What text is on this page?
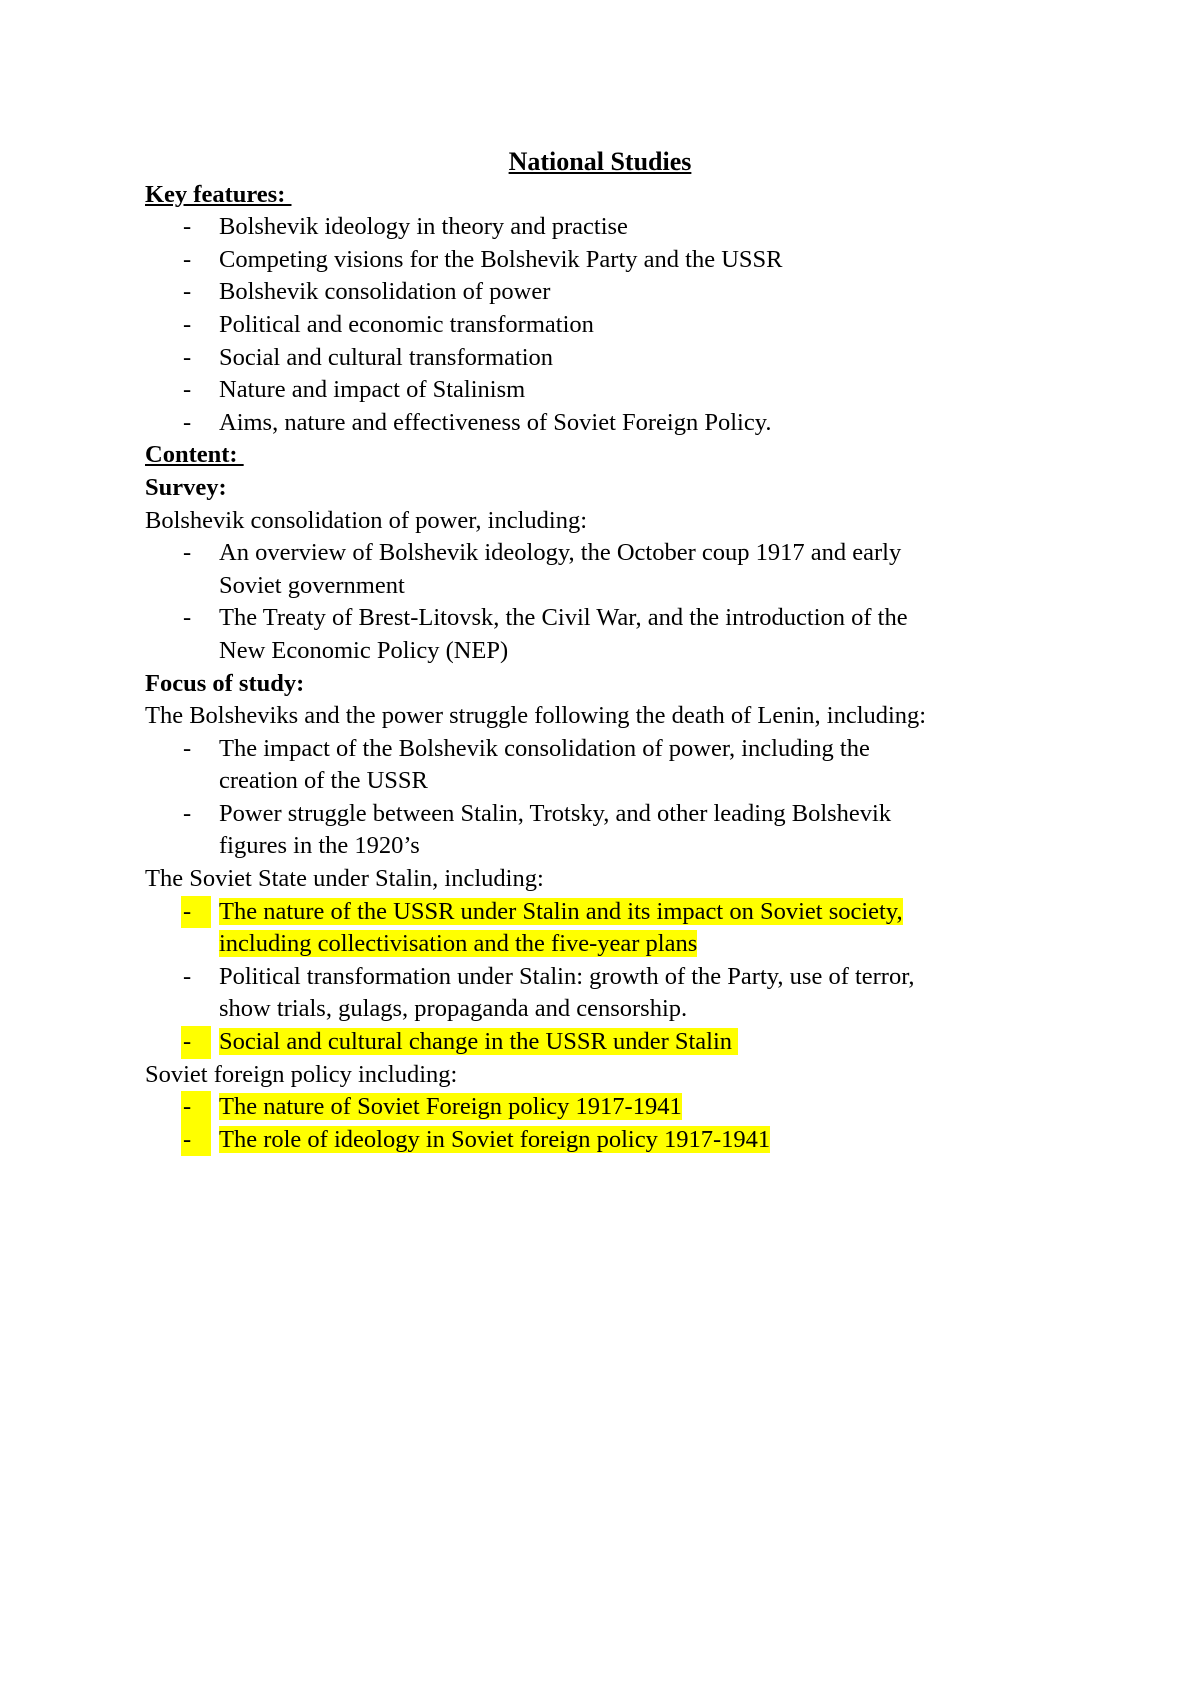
National Studies
Key features:
- Bolshevik ideology in theory and practise
- Competing visions for the Bolshevik Party and the USSR
- Bolshevik consolidation of power
- Political and economic transformation
- Social and cultural transformation
- Nature and impact of Stalinism
- Aims, nature and effectiveness of Soviet Foreign Policy.
Content:
Survey:
Bolshevik consolidation of power, including:
- An overview of Bolshevik ideology, the October coup 1917 and early
Soviet government
- The Treaty of Brest-Litovsk, the Civil War, and the introduction of the
New Economic Policy (NEP)
Focus of study:
The Bolsheviks and the power struggle following the death of Lenin, including:
- The impact of the Bolshevik consolidation of power, including the
creation of the USSR
- Power struggle between Stalin, Trotsky, and other leading Bolshevik
figures in the 1920’s
The Soviet State under Stalin, including:
-	The nature of the USSR under Stalin and its impact on Soviet society,
including collectivisation and the five-year plans
- Political transformation under Stalin: growth of the Party, use of terror,
show trials, gulags, propaganda and censorship.
-	Social and cultural change in the USSR under Stalin
Soviet foreign policy including:
-	The nature of Soviet Foreign policy 1917-1941
-	The role of ideology in Soviet foreign policy 1917-1941
